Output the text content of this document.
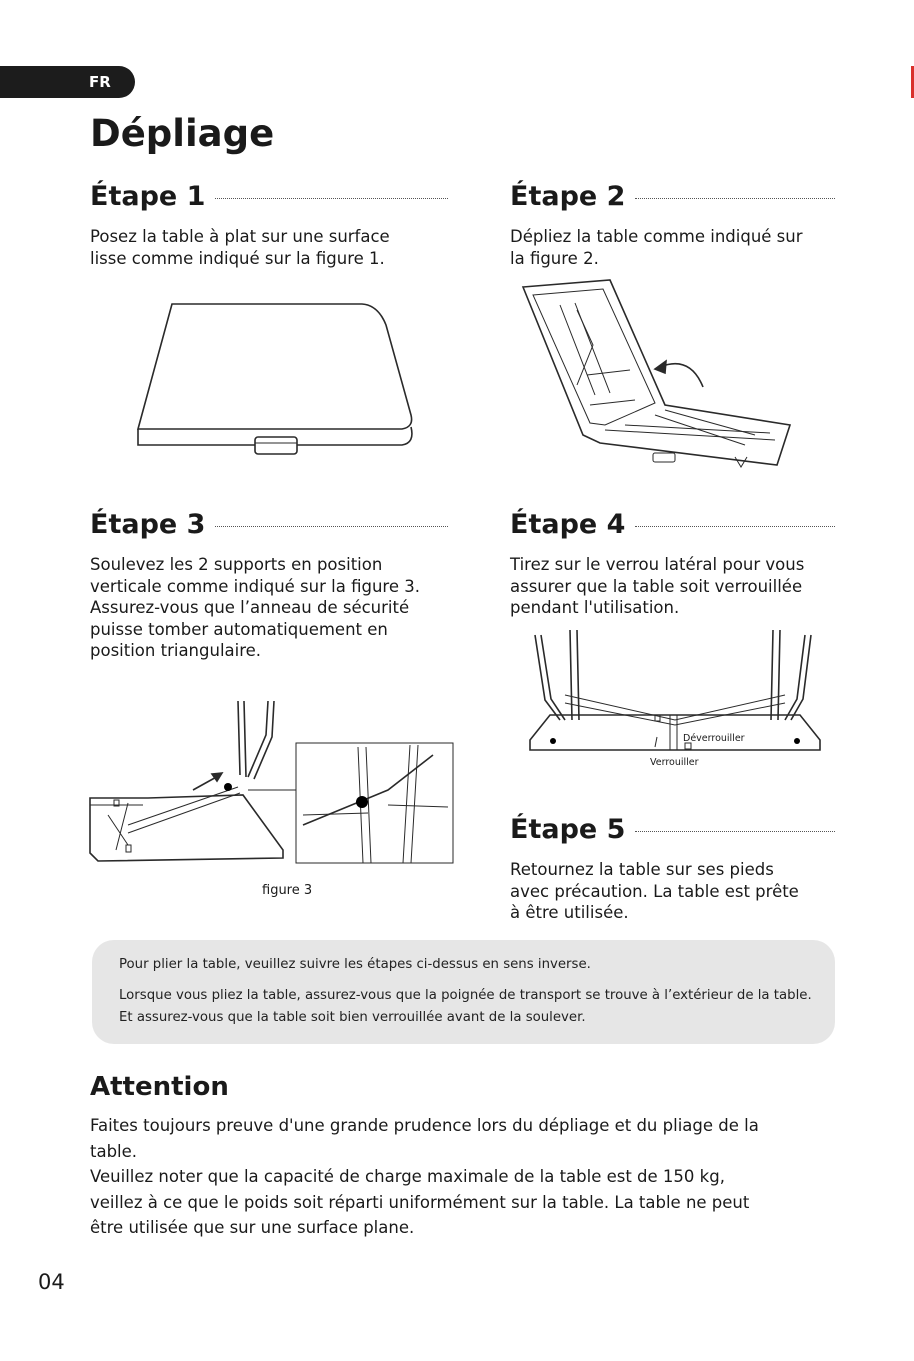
FR
Dépliage
Étape 1

Posez la table à plat sur une surface
lisse comme indiqué sur la figure 1.

Étape 2

Dépliez la table comme indiqué sur
la figure 2.

Étape 3

Soulevez les 2 supports en position
verticale comme indiqué sur la figure 3.
Assurez-vous que l’anneau de sécurité
puisse tomber automatiquement en
position triangulaire.

Étape 4

Tirez sur le verrou latéral pour vous
assurer que la table soit verrouillée
pendant l'utilisation.

Étape 5

Retournez la table sur ses pieds
avec précaution. La table est prête
à être utilisée.

figure 3
Déverrouiller
Verrouiller

Pour plier la table, veuillez suivre les étapes ci-dessus en sens inverse.

Lorsque vous pliez la table, assurez-vous que la poignée de transport se trouve à l’extérieur de la table. Et assurez-vous que la table soit bien verrouillée avant de la soulever.

Attention

Faites toujours preuve d'une grande prudence lors du dépliage et du pliage de la
table.
Veuillez noter que la capacité de charge maximale de la table est de 150 kg,
veillez à ce que le poids soit réparti uniformément sur la table. La table ne peut
être utilisée que sur une surface plane.

04
